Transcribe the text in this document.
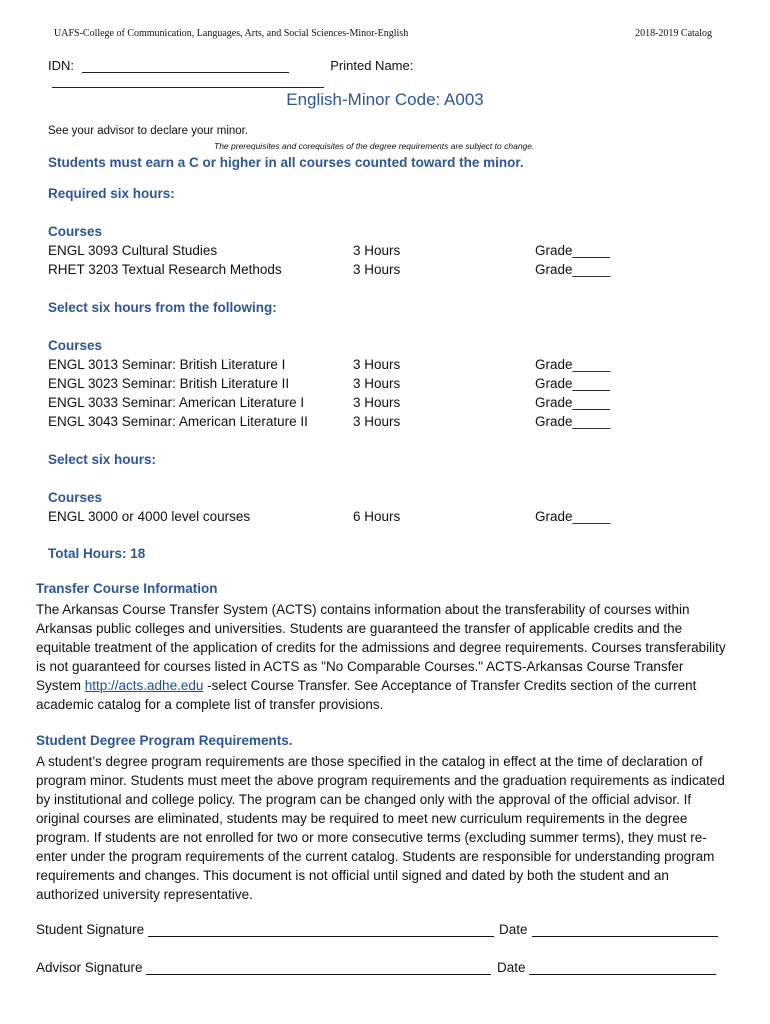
UAFS-College of Communication, Languages, Arts, and Social Sciences-Minor-English	2018-2019 Catalog
IDN:	Printed Name:
English-Minor Code: A003
See your advisor to declare your minor.
The prerequisites and corequisites of the degree requirements are subject to change.
Students must earn a C or higher in all courses counted toward the minor.
Required six hours:
Courses
ENGL 3093 Cultural Studies	3 Hours	Grade_____
RHET 3203 Textual Research Methods	3 Hours	Grade_____
Select six hours from the following:
Courses
ENGL 3013 Seminar: British Literature I	3 Hours	Grade_____
ENGL 3023 Seminar: British Literature II	3 Hours	Grade_____
ENGL 3033 Seminar: American Literature I	3 Hours	Grade_____
ENGL 3043 Seminar: American Literature II	3 Hours	Grade_____
Select six hours:
Courses
ENGL 3000 or 4000 level courses	6 Hours	Grade_____
Total Hours: 18
Transfer Course Information
The Arkansas Course Transfer System (ACTS) contains information about the transferability of courses within Arkansas public colleges and universities. Students are guaranteed the transfer of applicable credits and the equitable treatment of the application of credits for the admissions and degree requirements. Courses transferability is not guaranteed for courses listed in ACTS as "No Comparable Courses." ACTS-Arkansas Course Transfer System http://acts.adhe.edu -select Course Transfer. See Acceptance of Transfer Credits section of the current academic catalog for a complete list of transfer provisions.
Student Degree Program Requirements.
A student’s degree program requirements are those specified in the catalog in effect at the time of declaration of program minor. Students must meet the above program requirements and the graduation requirements as indicated by institutional and college policy. The program can be changed only with the approval of the official advisor. If original courses are eliminated, students may be required to meet new curriculum requirements in the degree program. If students are not enrolled for two or more consecutive terms (excluding summer terms), they must re-enter under the program requirements of the current catalog. Students are responsible for understanding program requirements and changes. This document is not official until signed and dated by both the student and an authorized university representative.
Student Signature	Date
Advisor Signature	Date
